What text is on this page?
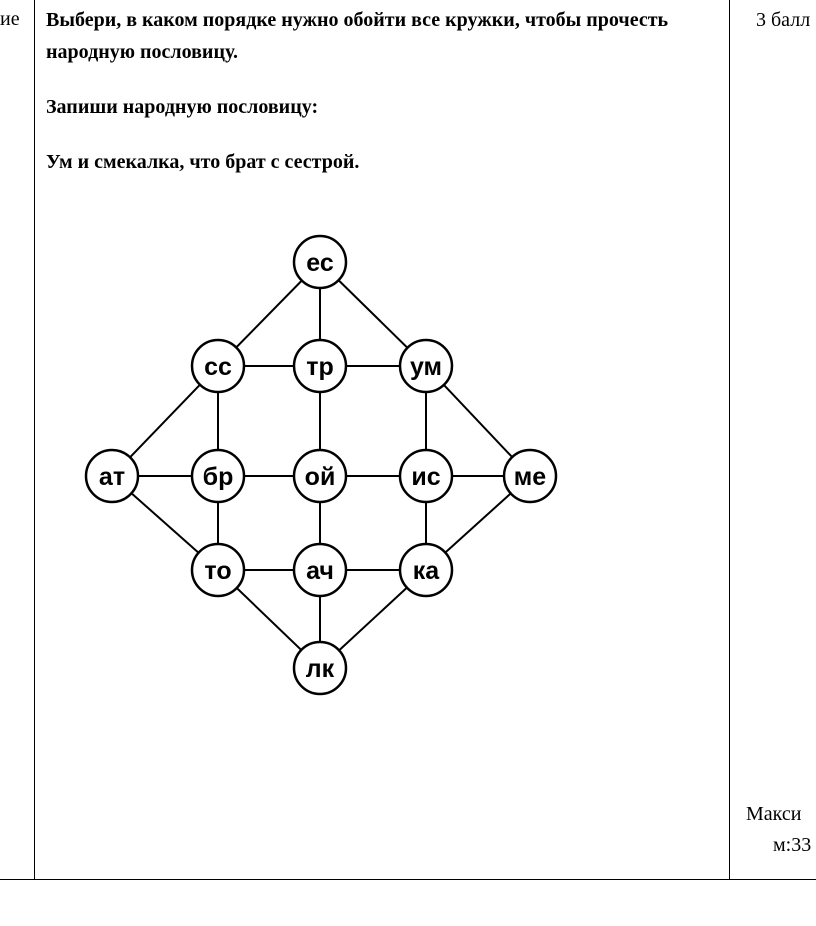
ие Выбери, в каком порядке нужно обойти все кружки, чтобы прочесть народную пословицу.

Запиши народную пословицу:

Ум и смекалка, что брат с сестрой.

3 балл
Макси
м:33
ес
сс	тр	ум
ат	бр	ой	ис	ме
то	ач	ка
лк
